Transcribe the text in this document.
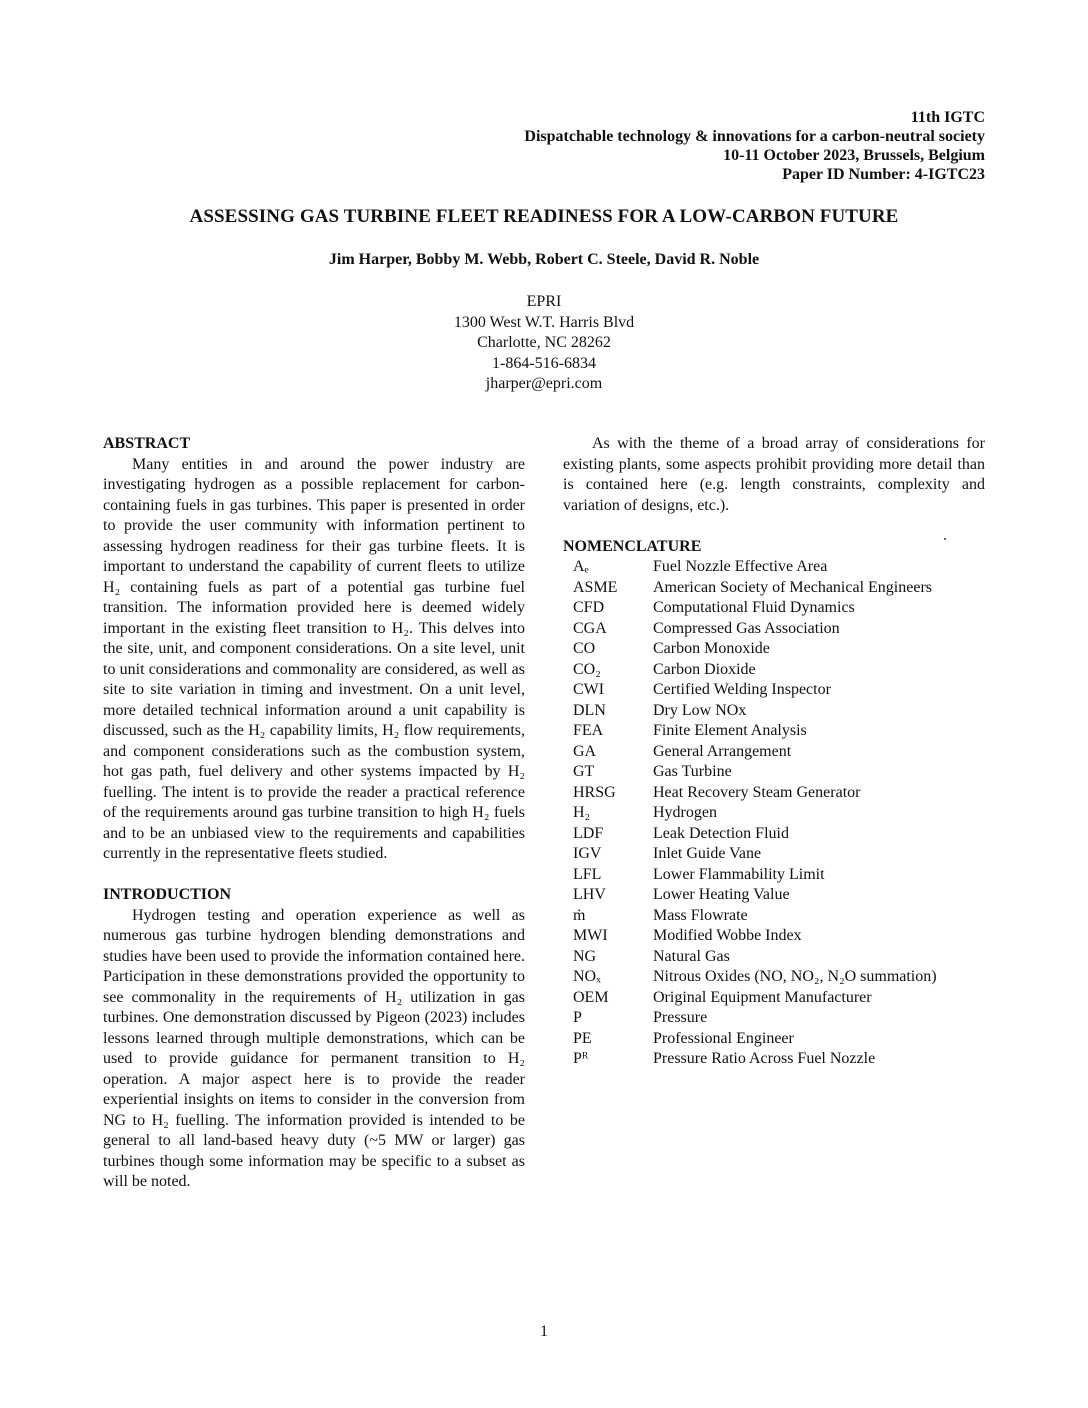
11th IGTC
Dispatchable technology & innovations for a carbon-neutral society
10-11 October 2023, Brussels, Belgium
Paper ID Number: 4-IGTC23
ASSESSING GAS TURBINE FLEET READINESS FOR A LOW-CARBON FUTURE
Jim Harper, Bobby M. Webb, Robert C. Steele, David R. Noble
EPRI
1300 West W.T. Harris Blvd
Charlotte, NC 28262
1-864-516-6834
jharper@epri.com

ABSTRACT

Many entities in and around the power industry are investigating hydrogen as a possible replacement for carbon-containing fuels in gas turbines. This paper is presented in order to provide the user community with information pertinent to assessing hydrogen readiness for their gas turbine fleets. It is important to understand the capability of current fleets to utilize H₂ containing fuels as part of a potential gas turbine fuel transition. The information provided here is deemed widely important in the existing fleet transition to H₂. This delves into the site, unit, and component considerations. On a site level, unit to unit considerations and commonality are considered, as well as site to site variation in timing and investment. On a unit level, more detailed technical information around a unit capability is discussed, such as the H₂ capability limits, H₂ flow requirements, and component considerations such as the combustion system, hot gas path, fuel delivery and other systems impacted by H₂ fuelling. The intent is to provide the reader a practical reference of the requirements around gas turbine transition to high H₂ fuels and to be an unbiased view to the requirements and capabilities currently in the representative fleets studied.

INTRODUCTION

Hydrogen testing and operation experience as well as numerous gas turbine hydrogen blending demonstrations and studies have been used to provide the information contained here. Participation in these demonstrations provided the opportunity to see commonality in the requirements of H₂ utilization in gas turbines. One demonstration discussed by Pigeon (2023) includes lessons learned through multiple demonstrations, which can be used to provide guidance for permanent transition to H₂ operation. A major aspect here is to provide the reader experiential insights on items to consider in the conversion from NG to H₂ fuelling. The information provided is intended to be general to all land-based heavy duty (~5 MW or larger) gas turbines though some information may be specific to a subset as will be noted.

As with the theme of a broad array of considerations for existing plants, some aspects prohibit providing more detail than is contained here (e.g. length constraints, complexity and variation of designs, etc.).

NOMENCLATURE

Aₑ	Fuel Nozzle Effective Area
ASME	American Society of Mechanical Engineers
CFD	Computational Fluid Dynamics
CGA	Compressed Gas Association
CO	Carbon Monoxide
CO₂	Carbon Dioxide
CWI	Certified Welding Inspector
DLN	Dry Low NOx
FEA	Finite Element Analysis
GA	General Arrangement
GT	Gas Turbine
HRSG	Heat Recovery Steam Generator
H₂	Hydrogen
LDF	Leak Detection Fluid
IGV	Inlet Guide Vane
LFL	Lower Flammability Limit
LHV	Lower Heating Value
ṁ	Mass Flowrate
MWI	Modified Wobbe Index
NG	Natural Gas
NOₓ	Nitrous Oxides (NO, NO₂, N₂O summation)
OEM	Original Equipment Manufacturer
P	Pressure
PE	Professional Engineer
Pᴿ	Pressure Ratio Across Fuel Nozzle
1
